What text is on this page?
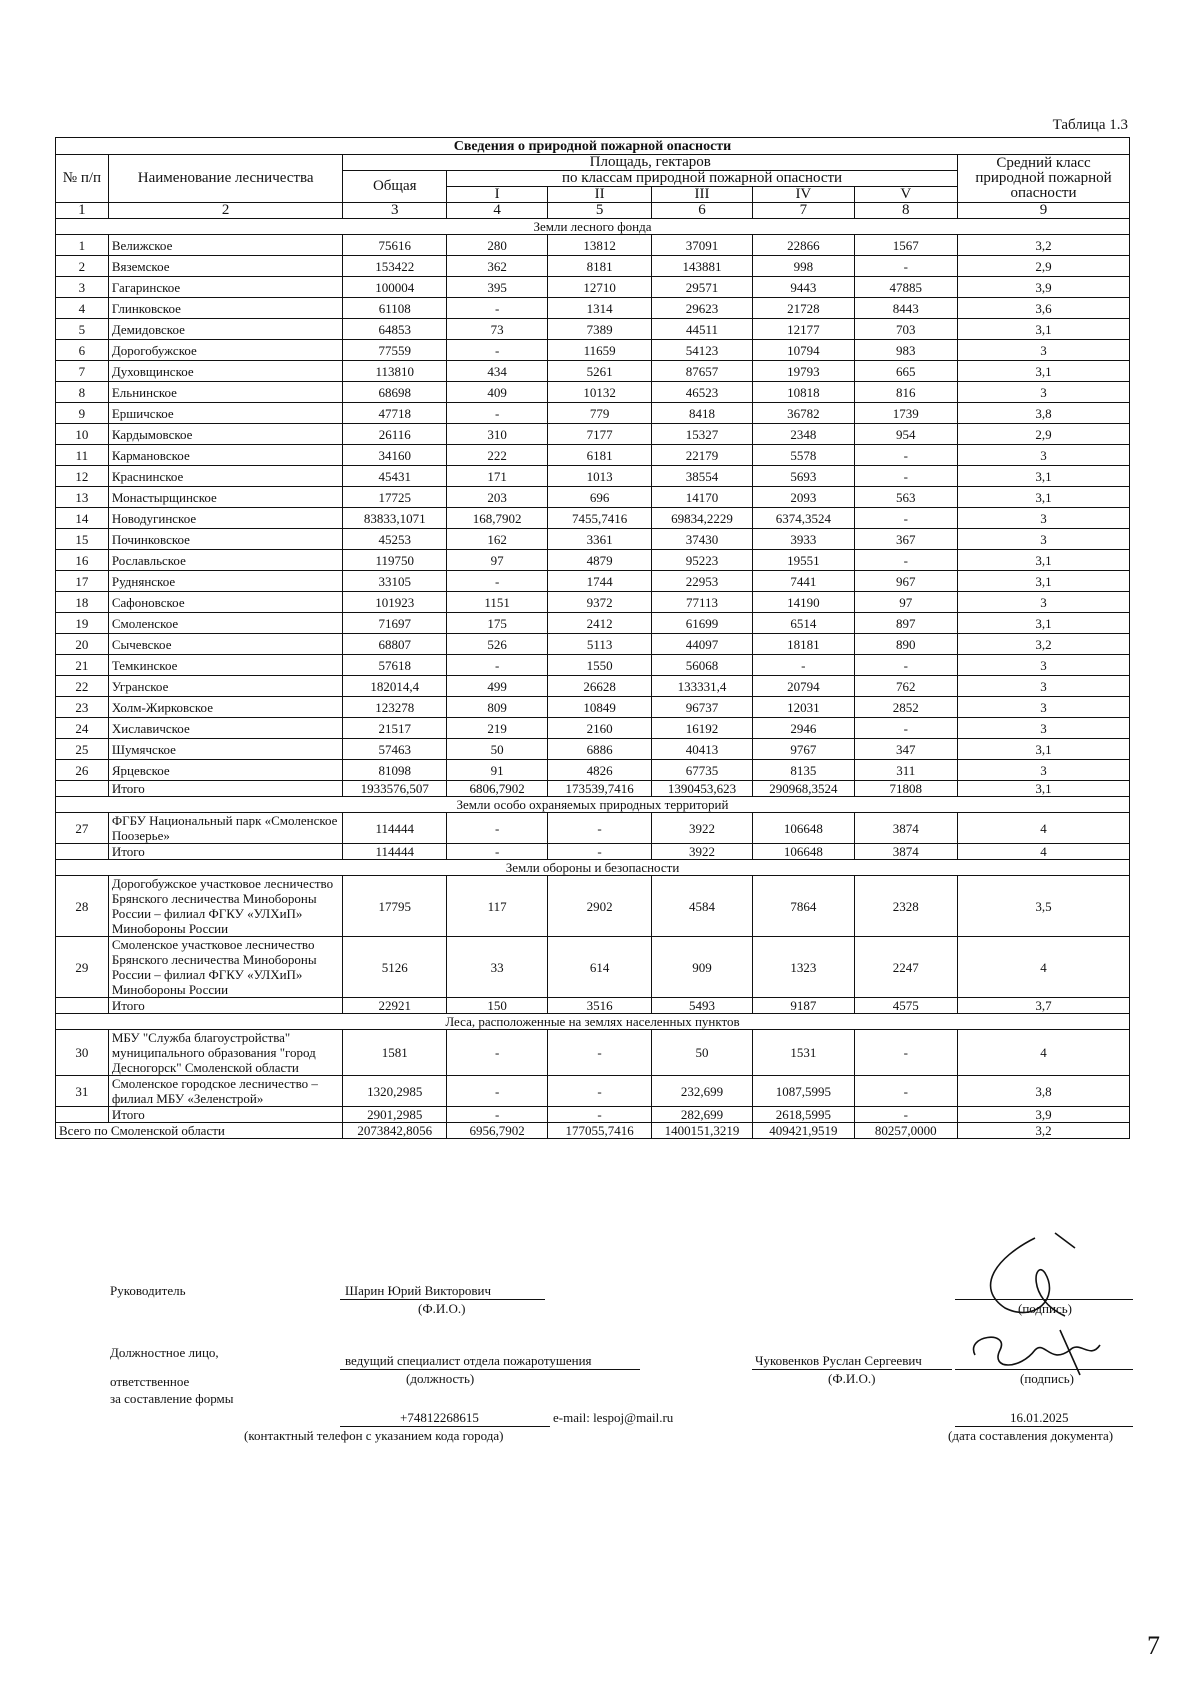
Таблица 1.3
Сведения о природной пожарной опасности								
№ п/п	Наименование лесничества	Площадь, гектаров						Средний класс природной пожарной опасности
		Общая	по классам природной пожарной опасности					
			I	II	III	IV	V	
1	2	3	4	5	6	7	8	9
Земли лесного фонда								
1	Велижское	75616	280	13812	37091	22866	1567	3,2
2	Вяземское	153422	362	8181	143881	998	-	2,9
3	Гагаринское	100004	395	12710	29571	9443	47885	3,9
4	Глинковское	61108	-	1314	29623	21728	8443	3,6
5	Демидовское	64853	73	7389	44511	12177	703	3,1
6	Дорогобужское	77559	-	11659	54123	10794	983	3
7	Духовщинское	113810	434	5261	87657	19793	665	3,1
8	Ельнинское	68698	409	10132	46523	10818	816	3
9	Ершичское	47718	-	779	8418	36782	1739	3,8
10	Кардымовское	26116	310	7177	15327	2348	954	2,9
11	Кармановское	34160	222	6181	22179	5578	-	3
12	Краснинское	45431	171	1013	38554	5693	-	3,1
13	Монастырщинское	17725	203	696	14170	2093	563	3,1
14	Новодугинское	83833,1071	168,7902	7455,7416	69834,2229	6374,3524	-	3
15	Починковское	45253	162	3361	37430	3933	367	3
16	Рославльское	119750	97	4879	95223	19551	-	3,1
17	Руднянское	33105	-	1744	22953	7441	967	3,1
18	Сафоновское	101923	1151	9372	77113	14190	97	3
19	Смоленское	71697	175	2412	61699	6514	897	3,1
20	Сычевское	68807	526	5113	44097	18181	890	3,2
21	Темкинское	57618	-	1550	56068	-	-	3
22	Угранское	182014,4	499	26628	133331,4	20794	762	3
23	Холм-Жирковское	123278	809	10849	96737	12031	2852	3
24	Хиславичское	21517	219	2160	16192	2946	-	3
25	Шумячское	57463	50	6886	40413	9767	347	3,1
26	Ярцевское	81098	91	4826	67735	8135	311	3
	Итого	1933576,507	6806,7902	173539,7416	1390453,623	290968,3524	71808	3,1
Земли особо охраняемых природных территорий								
27	ФГБУ Национальный парк «Смоленское Поозерье»	114444	-	-	3922	106648	3874	4
	Итого	114444	-	-	3922	106648	3874	4
Земли обороны и безопасности								
28	Дорогобужское участковое лесничество Брянского лесничества Минобороны России – филиал ФГКУ «УЛХиП» Минобороны России	17795	117	2902	4584	7864	2328	3,5
29	Смоленское участковое лесничество Брянского лесничества Минобороны России – филиал ФГКУ «УЛХиП» Минобороны России	5126	33	614	909	1323	2247	4
	Итого	22921	150	3516	5493	9187	4575	3,7
Леса, расположенные на землях населенных пунктов								
30	МБУ "Служба благоустройства" муниципального образования "город Десногорск" Смоленской области	1581	-	-	50	1531	-	4
31	Смоленское городское лесничество – филиал МБУ «Зеленстрой»	1320,2985	-	-	232,699	1087,5995	-	3,8
	Итого	2901,2985	-	-	282,699	2618,5995	-	3,9
Всего по Смоленской области		2073842,8056	6956,7902	177055,7416	1400151,3219	409421,9519	80257,0000	3,2
Руководитель	Шарин Юрий Викторович
(Ф.И.О.)	(подпись)
Должностное лицо,
ведущий специалист отдела пожаротушения
(должность)
Чуковенков Руслан Сергеевич
(Ф.И.О.)	(подпись)
ответственное
за составление формы
+74812268615	e-mail: lespoj@mail.ru
(контактный телефон с указанием кода города)
16.01.2025
(дата составления документа)
7
